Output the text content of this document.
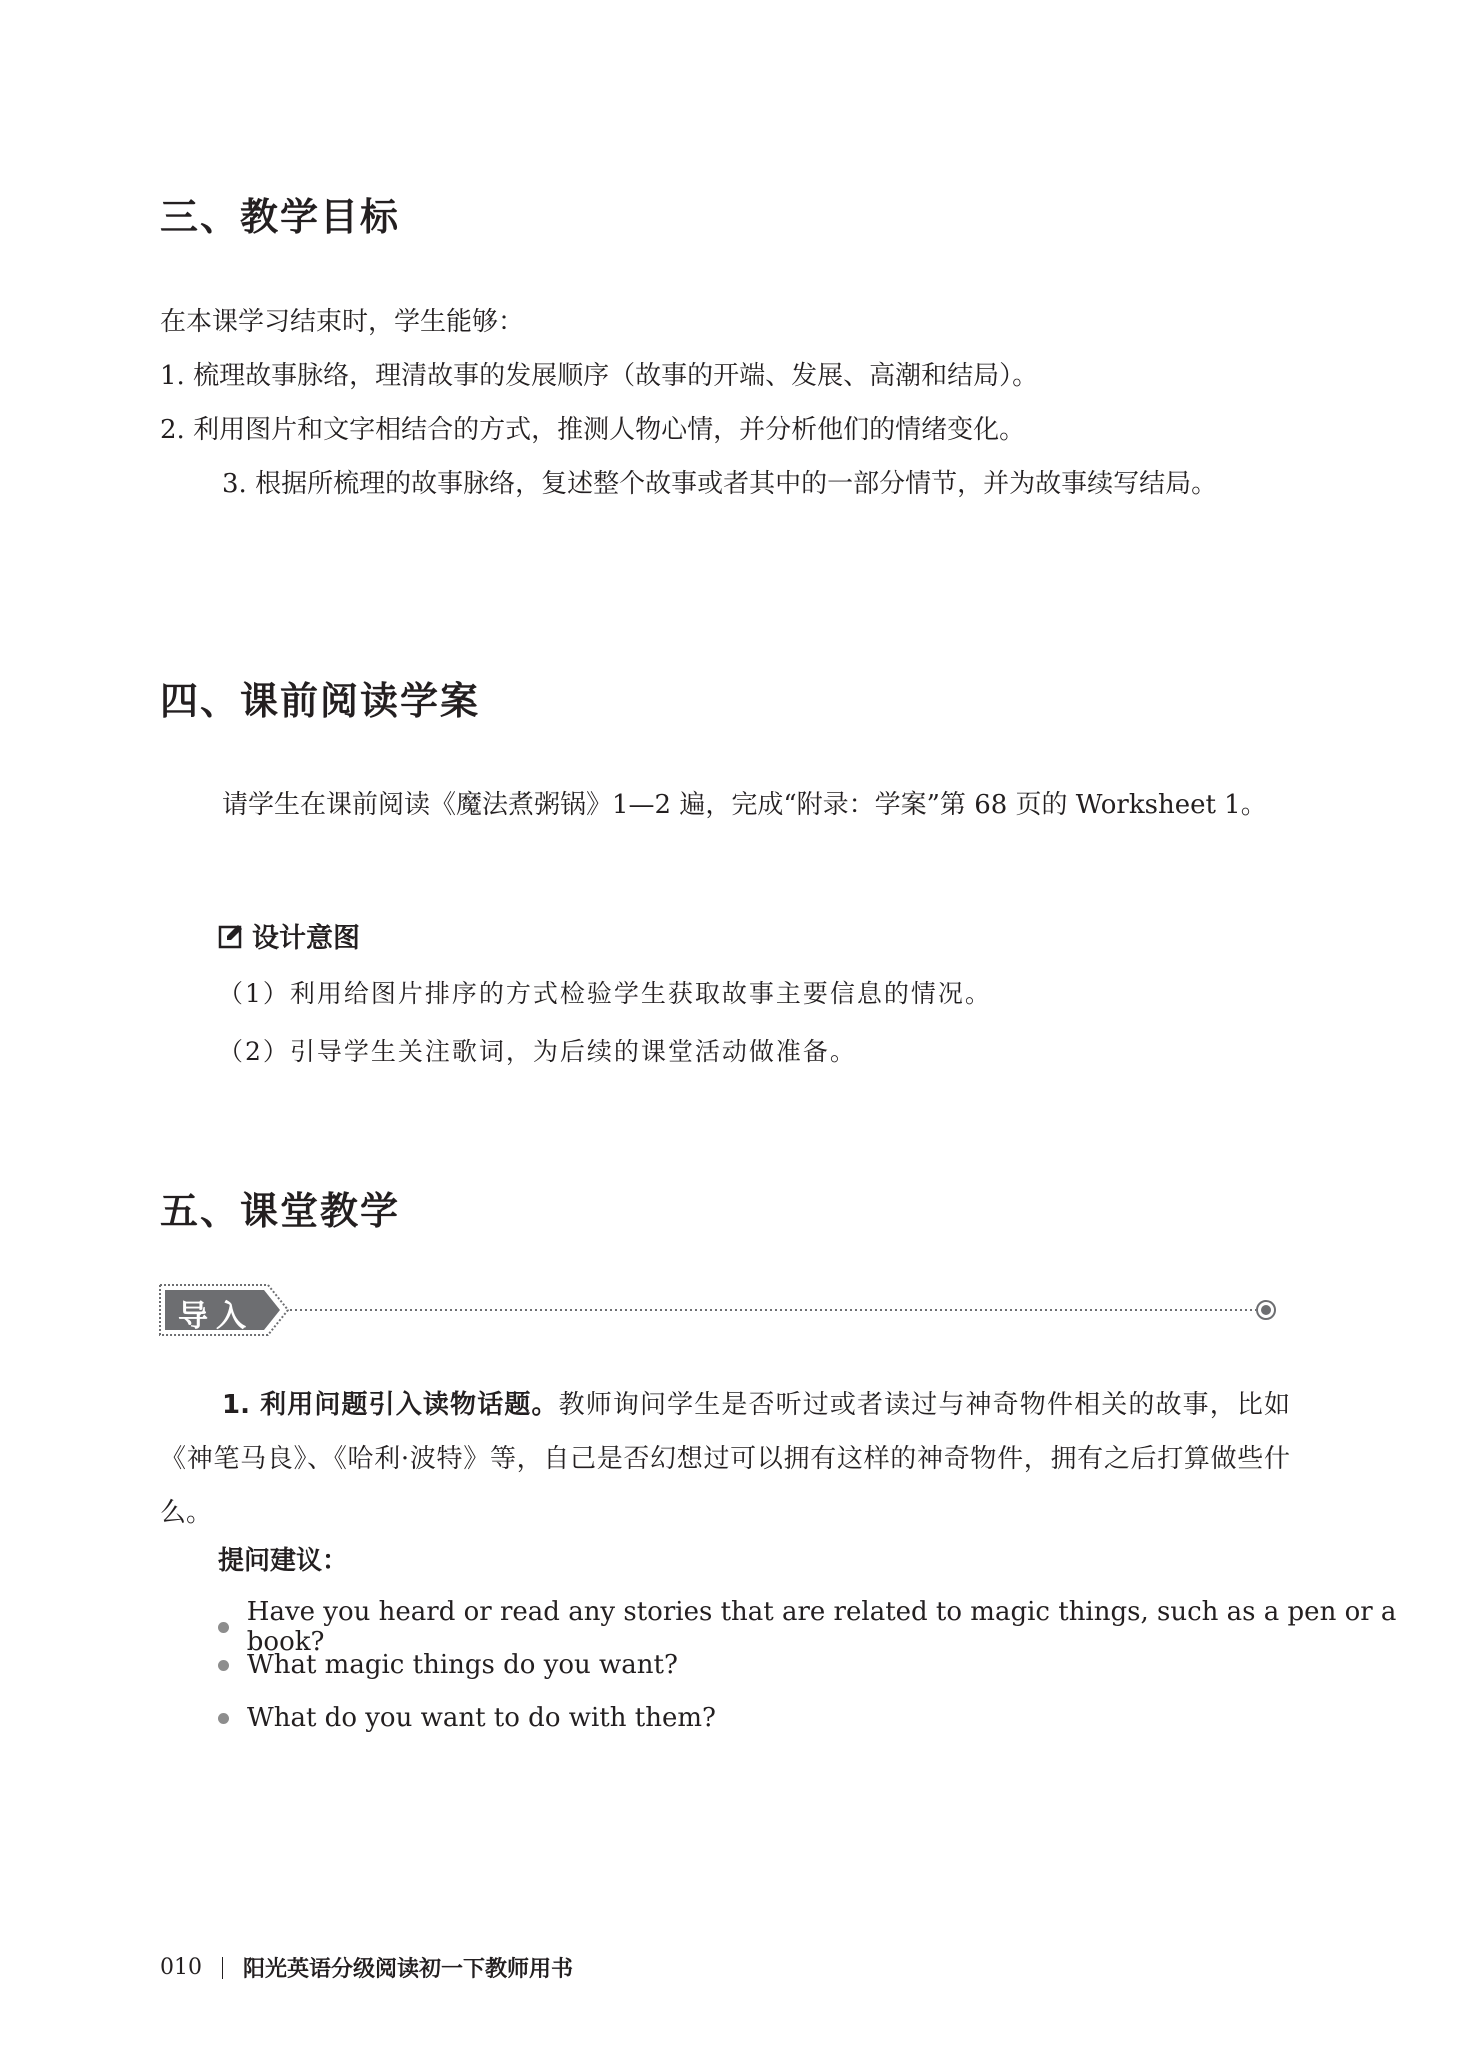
三、教学目标

在本课学习结束时，学生能够：

1. 梳理故事脉络，理清故事的发展顺序（故事的开端、发展、高潮和结局）。

2. 利用图片和文字相结合的方式，推测人物心情，并分析他们的情绪变化。

3. 根据所梳理的故事脉络，复述整个故事或者其中的一部分情节，并为故事续写结局。

四、课前阅读学案

请学生在课前阅读《魔法煮粥锅》1—2 遍，完成“附录：学案”第 68 页的 Worksheet 1。

设计意图
（1）利用给图片排序的方式检验学生获取故事主要信息的情况。
（2）引导学生关注歌词，为后续的课堂活动做准备。
五、课堂教学
导入

1. 利用问题引入读物话题。教师询问学生是否听过或者读过与神奇物件相关的故事，比如《神笔马良》、《哈利·波特》等，自己是否幻想过可以拥有这样的神奇物件，拥有之后打算做些什么。

提问建议：
Have you heard or read any stories that are related to magic things, such as a pen or a book?
What magic things do you want?
What do you want to do with them?
010 阳光英语分级阅读初一下教师用书
